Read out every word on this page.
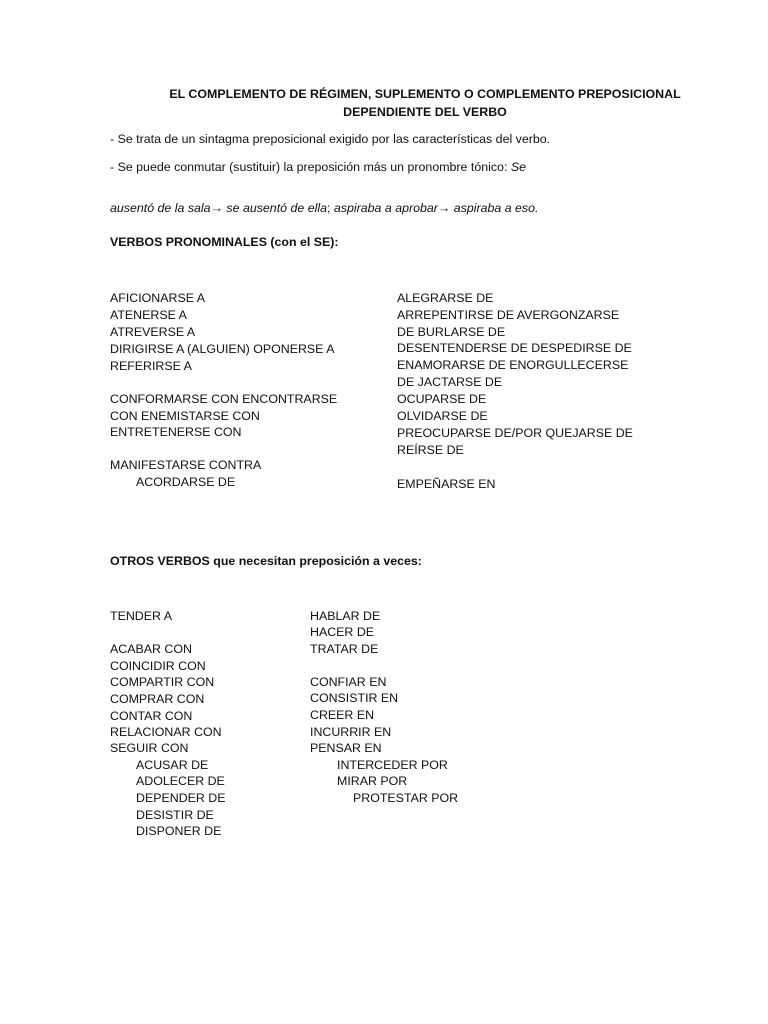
EL COMPLEMENTO DE RÉGIMEN, SUPLEMENTO O COMPLEMENTO PREPOSICIONAL
DEPENDIENTE DEL VERBO
- Se trata de un sintagma preposicional exigido por las características del verbo.
- Se puede conmutar (sustituir) la preposición más un pronombre tónico: Se
ausentó de la sala→ se ausentó de ella; aspiraba a aprobar→ aspiraba a eso.
VERBOS PRONOMINALES (con el SE):
AFICIONARSE A
ATENERSE A
ATREVERSE A
DIRIGIRSE A (ALGUIEN) OPONERSE A
REFERIRSE A
CONFORMARSE CON ENCONTRARSE
CON ENEMISTARSE CON
ENTRETENERSE CON
MANIFESTARSE CONTRA
ACORDARSE DE
ALEGRARSE DE
ARREPENTIRSE DE AVERGONZARSE
DE BURLARSE DE
DESENTENDERSE DE DESPEDIRSE DE
ENAMORARSE DE ENORGULLECERSE
DE JACTARSE DE
OCUPARSE DE
OLVIDARSE DE
PREOCUPARSE DE/POR QUEJARSE DE
REÍRSE DE
EMPEÑARSE EN
OTROS VERBOS que necesitan preposición a veces:
TENDER A
ACABAR CON
COINCIDIR CON
COMPARTIR CON
COMPRAR CON
CONTAR CON
RELACIONAR CON
SEGUIR CON
ACUSAR DE
ADOLECER DE
DEPENDER DE
DESISTIR DE
DISPONER DE
HABLAR DE
HACER DE
TRATAR DE
CONFIAR EN
CONSISTIR EN
CREER EN
INCURRIR EN
PENSAR EN
INTERCEDER POR
MIRAR POR
PROTESTAR POR
